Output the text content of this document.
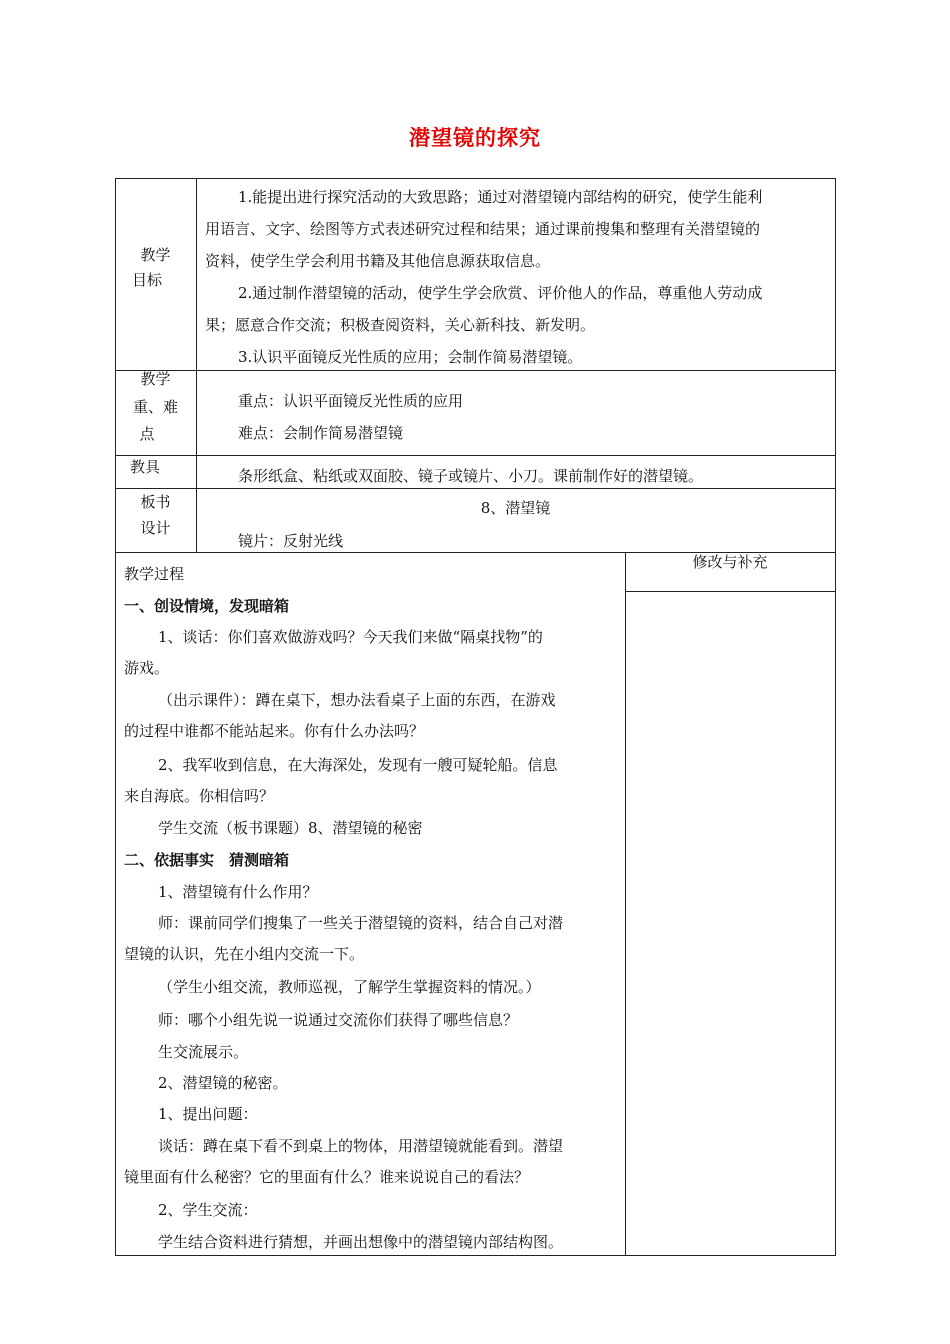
潜望镜的探究
教学
目标
1.能提出进行探究活动的大致思路；通过对潜望镜内部结构的研究，使学生能利
用语言、文字、绘图等方式表述研究过程和结果；通过课前搜集和整理有关潜望镜的
资料，使学生学会利用书籍及其他信息源获取信息。
2.通过制作潜望镜的活动，使学生学会欣赏、评价他人的作品，尊重他人劳动成
果；愿意合作交流；积极查阅资料，关心新科技、新发明。
3.认识平面镜反光性质的应用；会制作简易潜望镜。
教学
重、难
点
重点：认识平面镜反光性质的应用
难点：会制作简易潜望镜
教具	条形纸盒、粘纸或双面胶、镜子或镜片、小刀。课前制作好的潜望镜。
板书
设计
8、潜望镜
镜片：反射光线
教学过程
修改与补充
一、创设情境，发现暗箱
1、谈话：你们喜欢做游戏吗？今天我们来做“隔桌找物”的
游戏。
（出示课件）：蹲在桌下，想办法看桌子上面的东西，在游戏
的过程中谁都不能站起来。你有什么办法吗？
2、我军收到信息，在大海深处，发现有一艘可疑轮船。信息
来自海底。你相信吗？
学生交流（板书课题）8、潜望镜的秘密
二、依据事实　猜测暗箱
1、潜望镜有什么作用？
师：课前同学们搜集了一些关于潜望镜的资料，结合自己对潜
望镜的认识，先在小组内交流一下。
（学生小组交流，教师巡视，了解学生掌握资料的情况。）
师：哪个小组先说一说通过交流你们获得了哪些信息？
生交流展示。
2、潜望镜的秘密。
1、提出问题：
谈话：蹲在桌下看不到桌上的物体，用潜望镜就能看到。潜望
镜里面有什么秘密？它的里面有什么？谁来说说自己的看法？
2、学生交流：
学生结合资料进行猜想，并画出想像中的潜望镜内部结构图。
